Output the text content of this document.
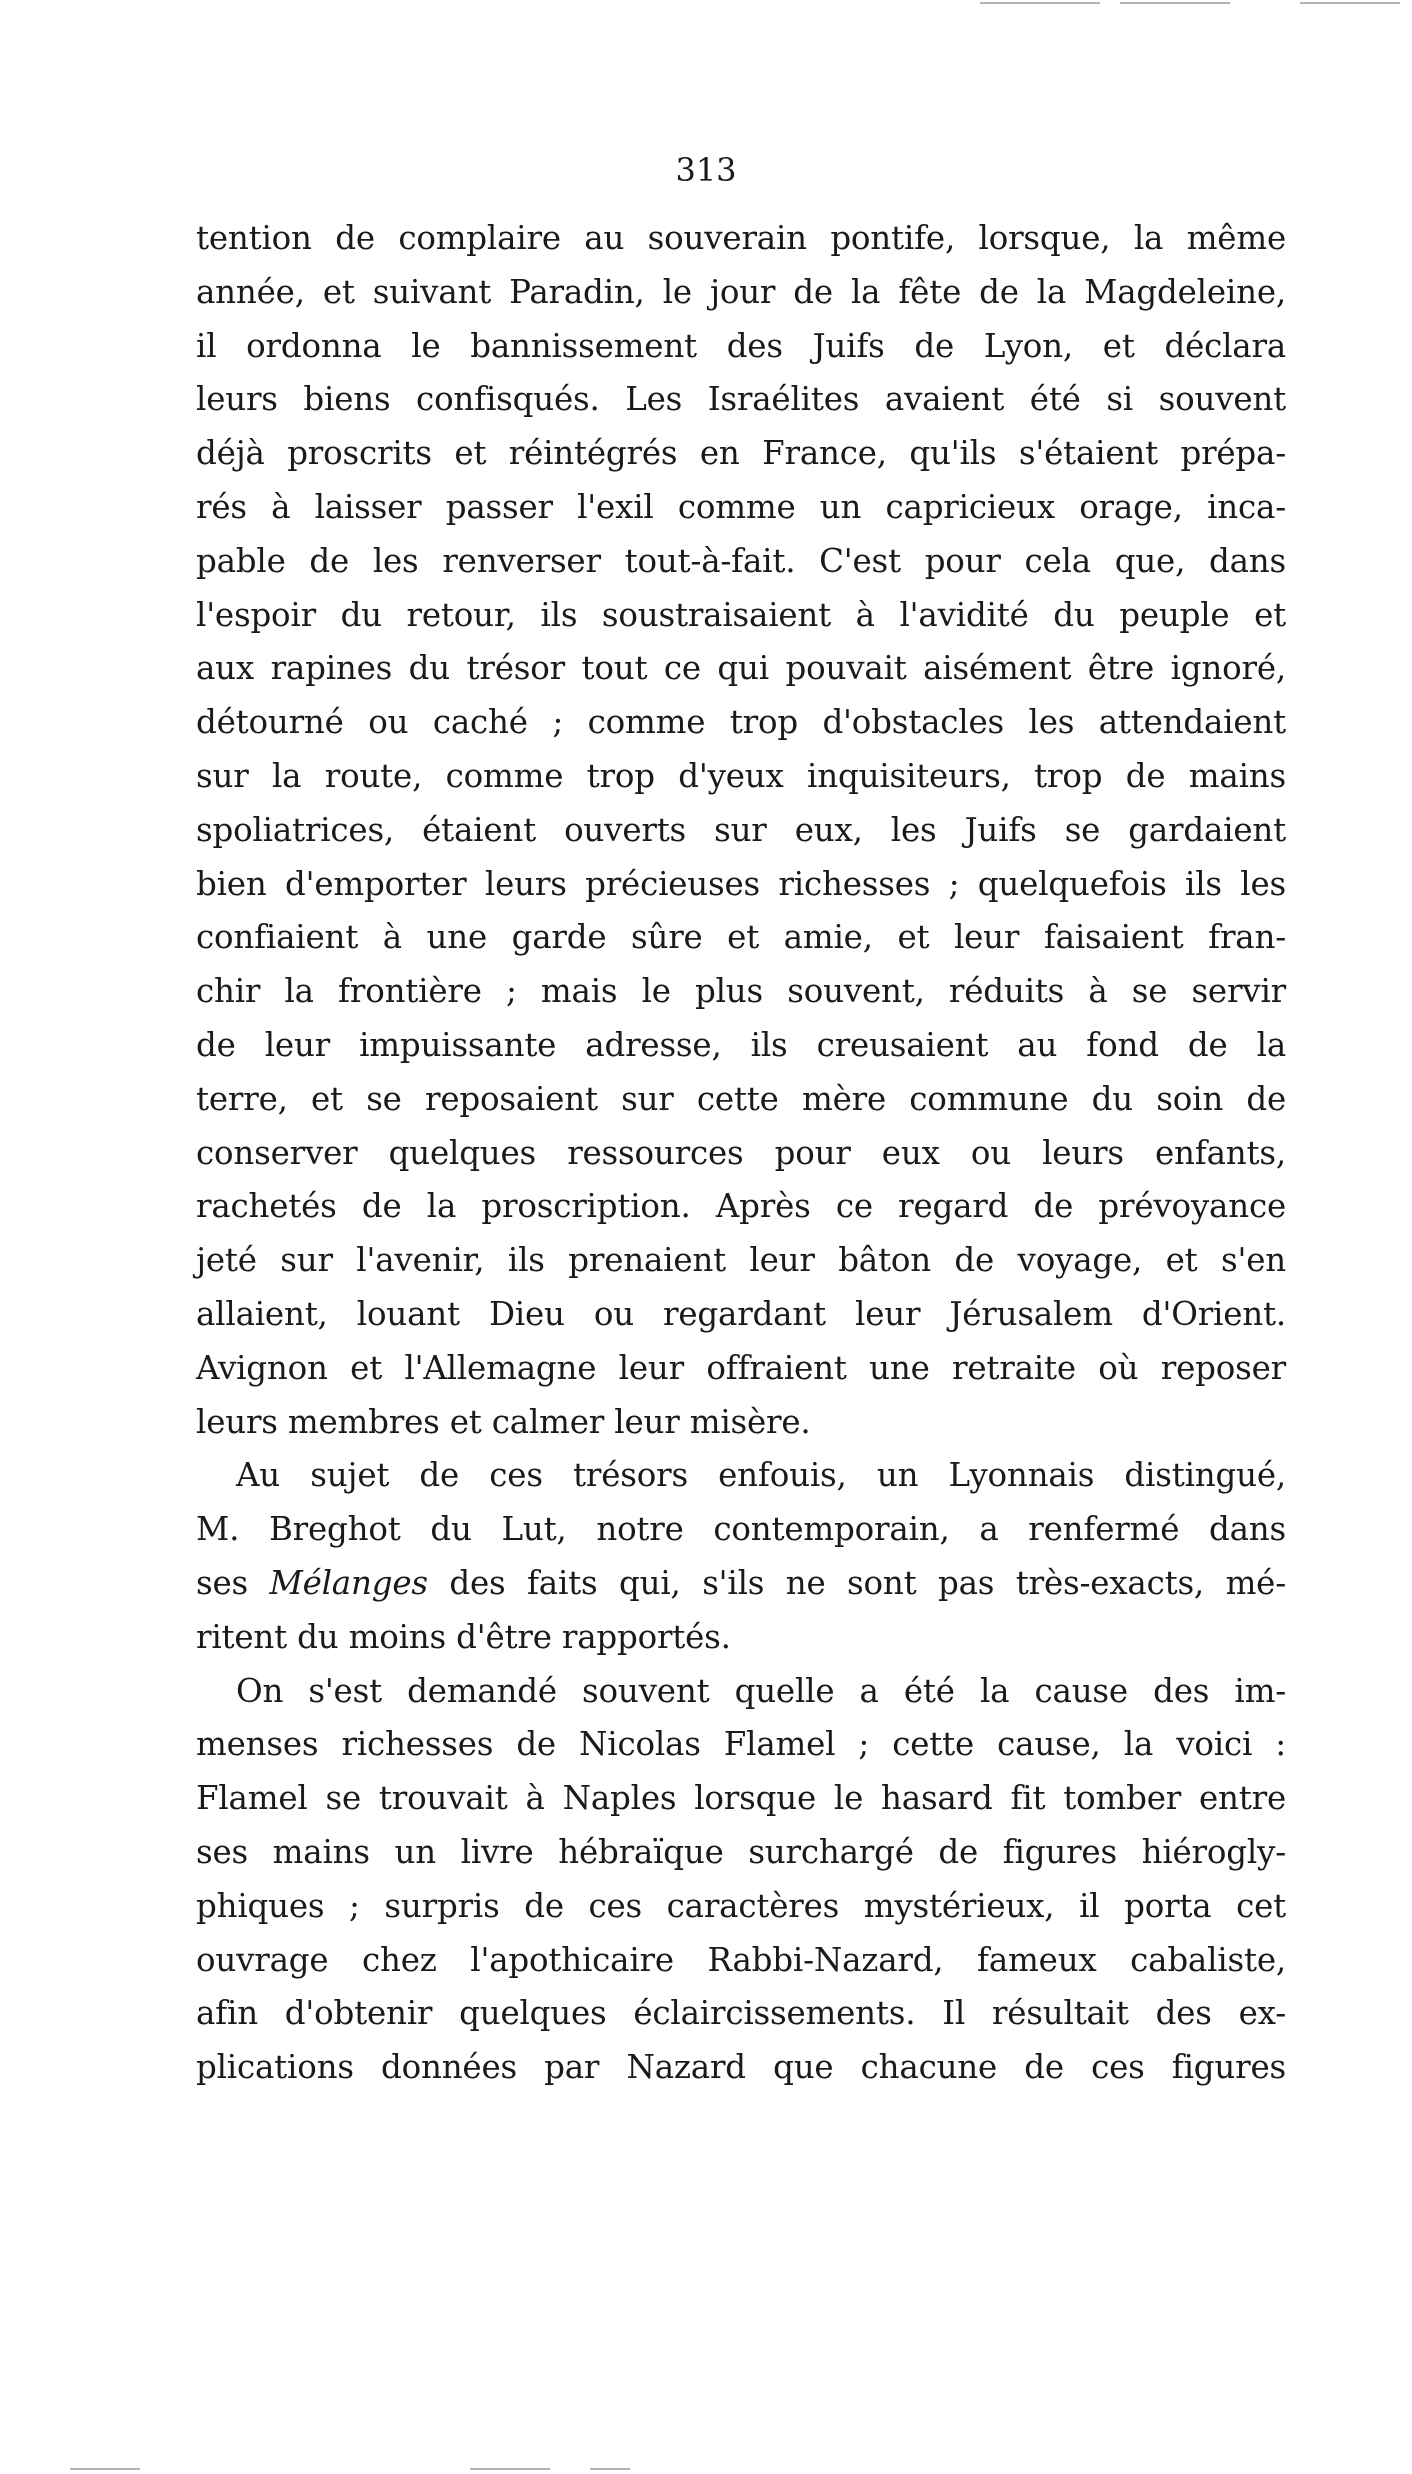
313
tention de complaire au souverain pontife, lorsque, la même
année, et suivant Paradin, le jour de la fête de la Magdeleine,
il ordonna le bannissement des Juifs de Lyon, et déclara
leurs biens confisqués. Les Israélites avaient été si souvent
déjà proscrits et réintégrés en France, qu'ils s'étaient prépa-
rés à laisser passer l'exil comme un capricieux orage, inca-
pable de les renverser tout-à-fait. C'est pour cela que, dans
l'espoir du retour, ils soustraisaient à l'avidité du peuple et
aux rapines du trésor tout ce qui pouvait aisément être ignoré,
détourné ou caché ; comme trop d'obstacles les attendaient
sur la route, comme trop d'yeux inquisiteurs, trop de mains
spoliatrices, étaient ouverts sur eux, les Juifs se gardaient
bien d'emporter leurs précieuses richesses ; quelquefois ils les
confiaient à une garde sûre et amie, et leur faisaient fran-
chir la frontière ; mais le plus souvent, réduits à se servir
de leur impuissante adresse, ils creusaient au fond de la
terre, et se reposaient sur cette mère commune du soin de
conserver quelques ressources pour eux ou leurs enfants,
rachetés de la proscription. Après ce regard de prévoyance
jeté sur l'avenir, ils prenaient leur bâton de voyage, et s'en
allaient, louant Dieu ou regardant leur Jérusalem d'Orient.
Avignon et l'Allemagne leur offraient une retraite où reposer
leurs membres et calmer leur misère.
Au sujet de ces trésors enfouis, un Lyonnais distingué,
M. Breghot du Lut, notre contemporain, a renfermé dans
ses Mélanges des faits qui, s'ils ne sont pas très-exacts, mé-
ritent du moins d'être rapportés.
On s'est demandé souvent quelle a été la cause des im-
menses richesses de Nicolas Flamel ; cette cause, la voici :
Flamel se trouvait à Naples lorsque le hasard fit tomber entre
ses mains un livre hébraïque surchargé de figures hiérogly-
phiques ; surpris de ces caractères mystérieux, il porta cet
ouvrage chez l'apothicaire Rabbi-Nazard, fameux cabaliste,
afin d'obtenir quelques éclaircissements. Il résultait des ex-
plications données par Nazard que chacune de ces figures
